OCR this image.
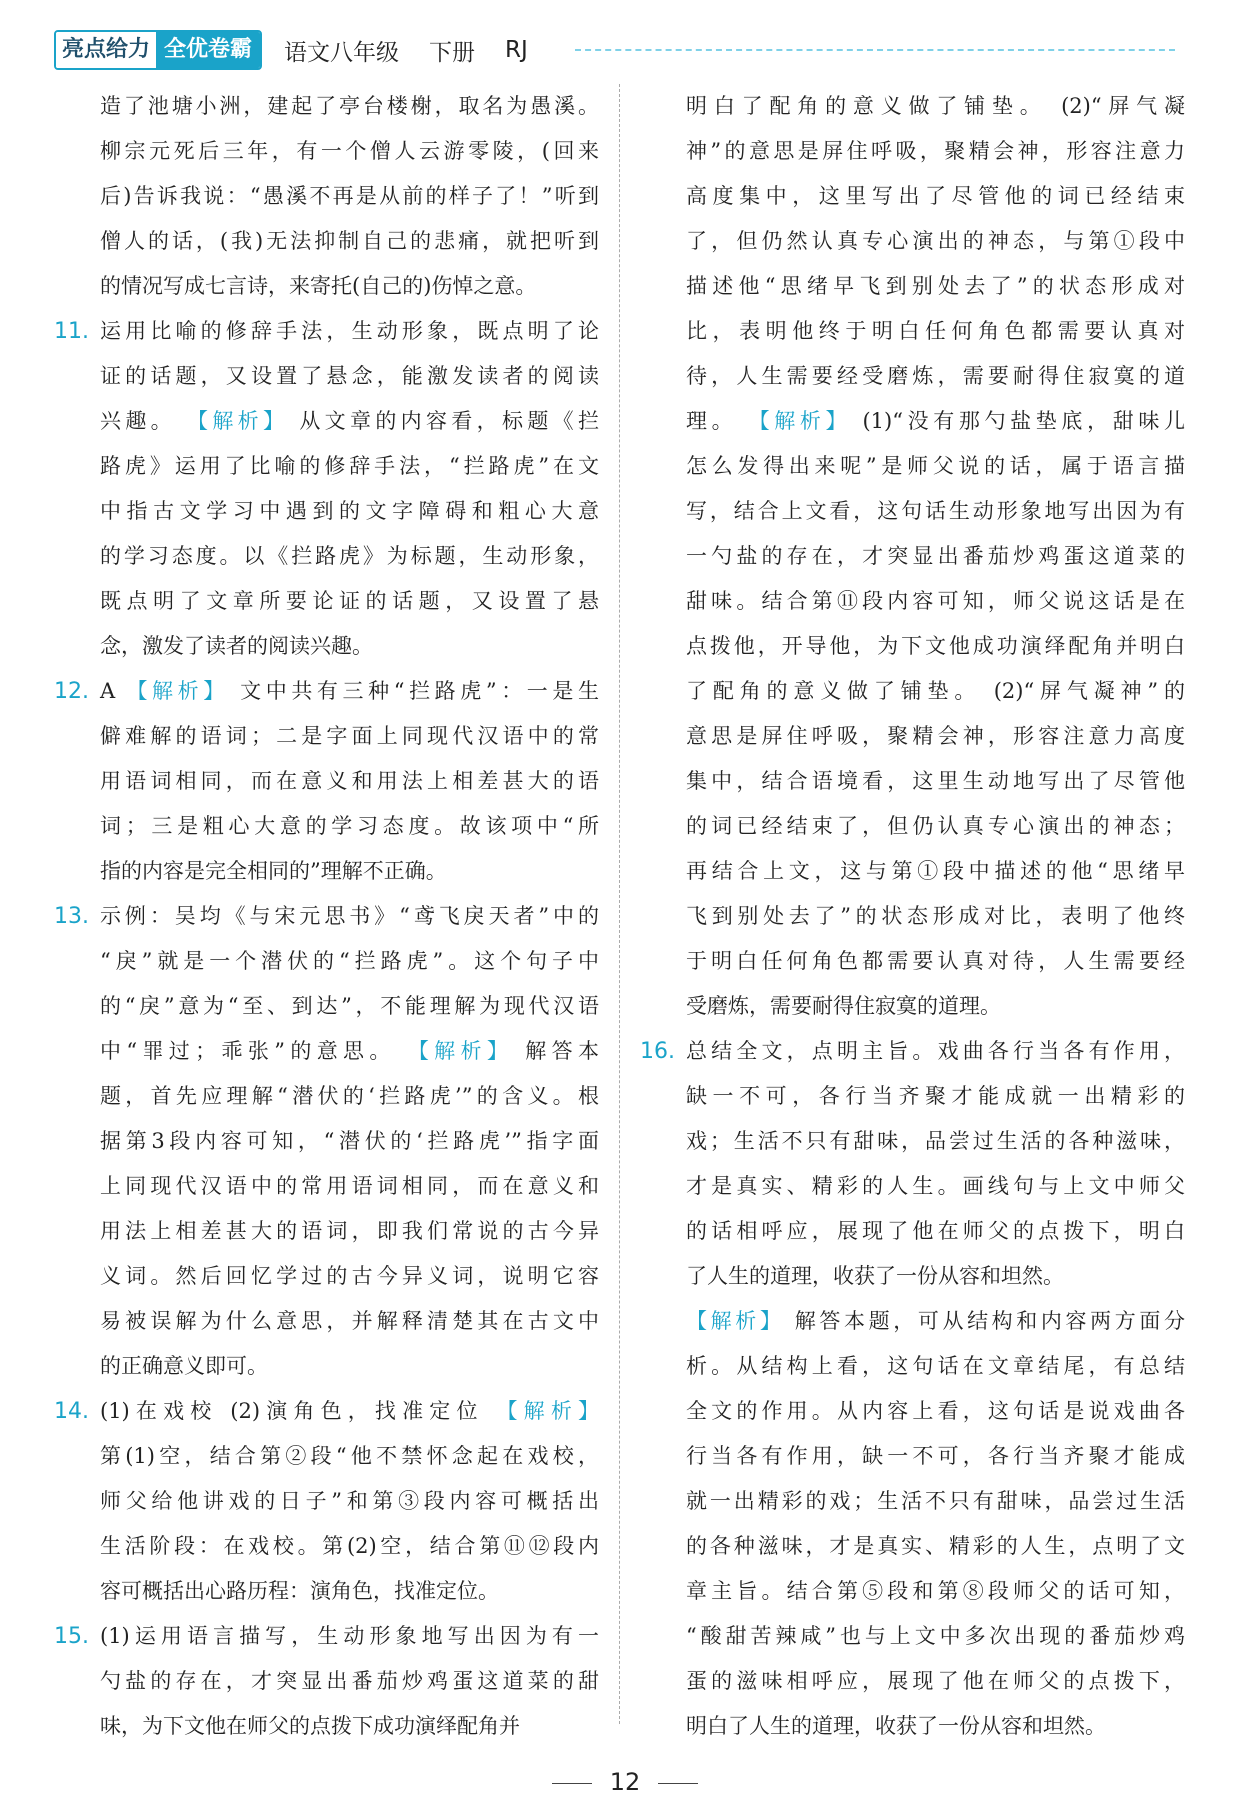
亮点给力 全优卷霸	语文八年级 下册 RJ
造了池塘小洲，建起了亭台楼榭，取名为愚溪。
柳宗元死后三年，有一个僧人云游零陵，(回来
后)告诉我说：“愚溪不再是从前的样子了！”听到
僧人的话，(我)无法抑制自己的悲痛，就把听到
的情况写成七言诗，来寄托(自己的)伤悼之意。
11. 运用比喻的修辞手法，生动形象，既点明了论
证的话题，又设置了悬念，能激发读者的阅读
兴趣。 【解析】 从文章的内容看，标题《拦
路虎》运用了比喻的修辞手法，“拦路虎”在文
中指古文学习中遇到的文字障碍和粗心大意
的学习态度。以《拦路虎》为标题，生动形象，
既点明了文章所要论证的话题，又设置了悬
念，激发了读者的阅读兴趣。
12. A 【解析】 文中共有三种“拦路虎”：一是生
僻难解的语词；二是字面上同现代汉语中的常
用语词相同，而在意义和用法上相差甚大的语
词；三是粗心大意的学习态度。故该项中“所
指的内容是完全相同的”理解不正确。
13. 示例：吴均《与宋元思书》“鸢飞戾天者”中的
“戾”就是一个潜伏的“拦路虎”。这个句子中
的“戾”意为“至、到达”，不能理解为现代汉语
中“罪过；乖张”的意思。 【解析】 解答本
题，首先应理解“潜伏的‘拦路虎’”的含义。根
据第3段内容可知，“潜伏的‘拦路虎’”指字面
上同现代汉语中的常用语词相同，而在意义和
用法上相差甚大的语词，即我们常说的古今异
义词。然后回忆学过的古今异义词，说明它容
易被误解为什么意思，并解释清楚其在古文中
的正确意义即可。
14. (1)在戏校 (2)演角色，找准定位 【解析】
第(1)空，结合第②段“他不禁怀念起在戏校，
师父给他讲戏的日子”和第③段内容可概括出
生活阶段：在戏校。第(2)空，结合第⑪⑫段内
容可概括出心路历程：演角色，找准定位。
15. (1)运用语言描写，生动形象地写出因为有一
勺盐的存在，才突显出番茄炒鸡蛋这道菜的甜
味，为下文他在师父的点拨下成功演绎配角并
明白了配角的意义做了铺垫。 (2)“屏气凝
神”的意思是屏住呼吸，聚精会神，形容注意力
高度集中，这里写出了尽管他的词已经结束
了，但仍然认真专心演出的神态，与第①段中
描述他“思绪早飞到别处去了”的状态形成对
比，表明他终于明白任何角色都需要认真对
待，人生需要经受磨炼，需要耐得住寂寞的道
理。 【解析】 (1)“没有那勺盐垫底，甜味儿
怎么发得出来呢”是师父说的话，属于语言描
写，结合上文看，这句话生动形象地写出因为有
一勺盐的存在，才突显出番茄炒鸡蛋这道菜的
甜味。结合第⑪段内容可知，师父说这话是在
点拨他，开导他，为下文他成功演绎配角并明白
了配角的意义做了铺垫。 (2)“屏气凝神”的
意思是屏住呼吸，聚精会神，形容注意力高度
集中，结合语境看，这里生动地写出了尽管他
的词已经结束了，但仍认真专心演出的神态；
再结合上文，这与第①段中描述的他“思绪早
飞到别处去了”的状态形成对比，表明了他终
于明白任何角色都需要认真对待，人生需要经
受磨炼，需要耐得住寂寞的道理。
16. 总结全文，点明主旨。戏曲各行当各有作用，
缺一不可，各行当齐聚才能成就一出精彩的
戏；生活不只有甜味，品尝过生活的各种滋味，
才是真实、精彩的人生。画线句与上文中师父
的话相呼应，展现了他在师父的点拨下，明白
了人生的道理，收获了一份从容和坦然。
【解析】 解答本题，可从结构和内容两方面分
析。从结构上看，这句话在文章结尾，有总结
全文的作用。从内容上看，这句话是说戏曲各
行当各有作用，缺一不可，各行当齐聚才能成
就一出精彩的戏；生活不只有甜味，品尝过生活
的各种滋味，才是真实、精彩的人生，点明了文
章主旨。结合第⑤段和第⑧段师父的话可知，
“酸甜苦辣咸”也与上文中多次出现的番茄炒鸡
蛋的滋味相呼应，展现了他在师父的点拨下，
明白了人生的道理，收获了一份从容和坦然。
12
